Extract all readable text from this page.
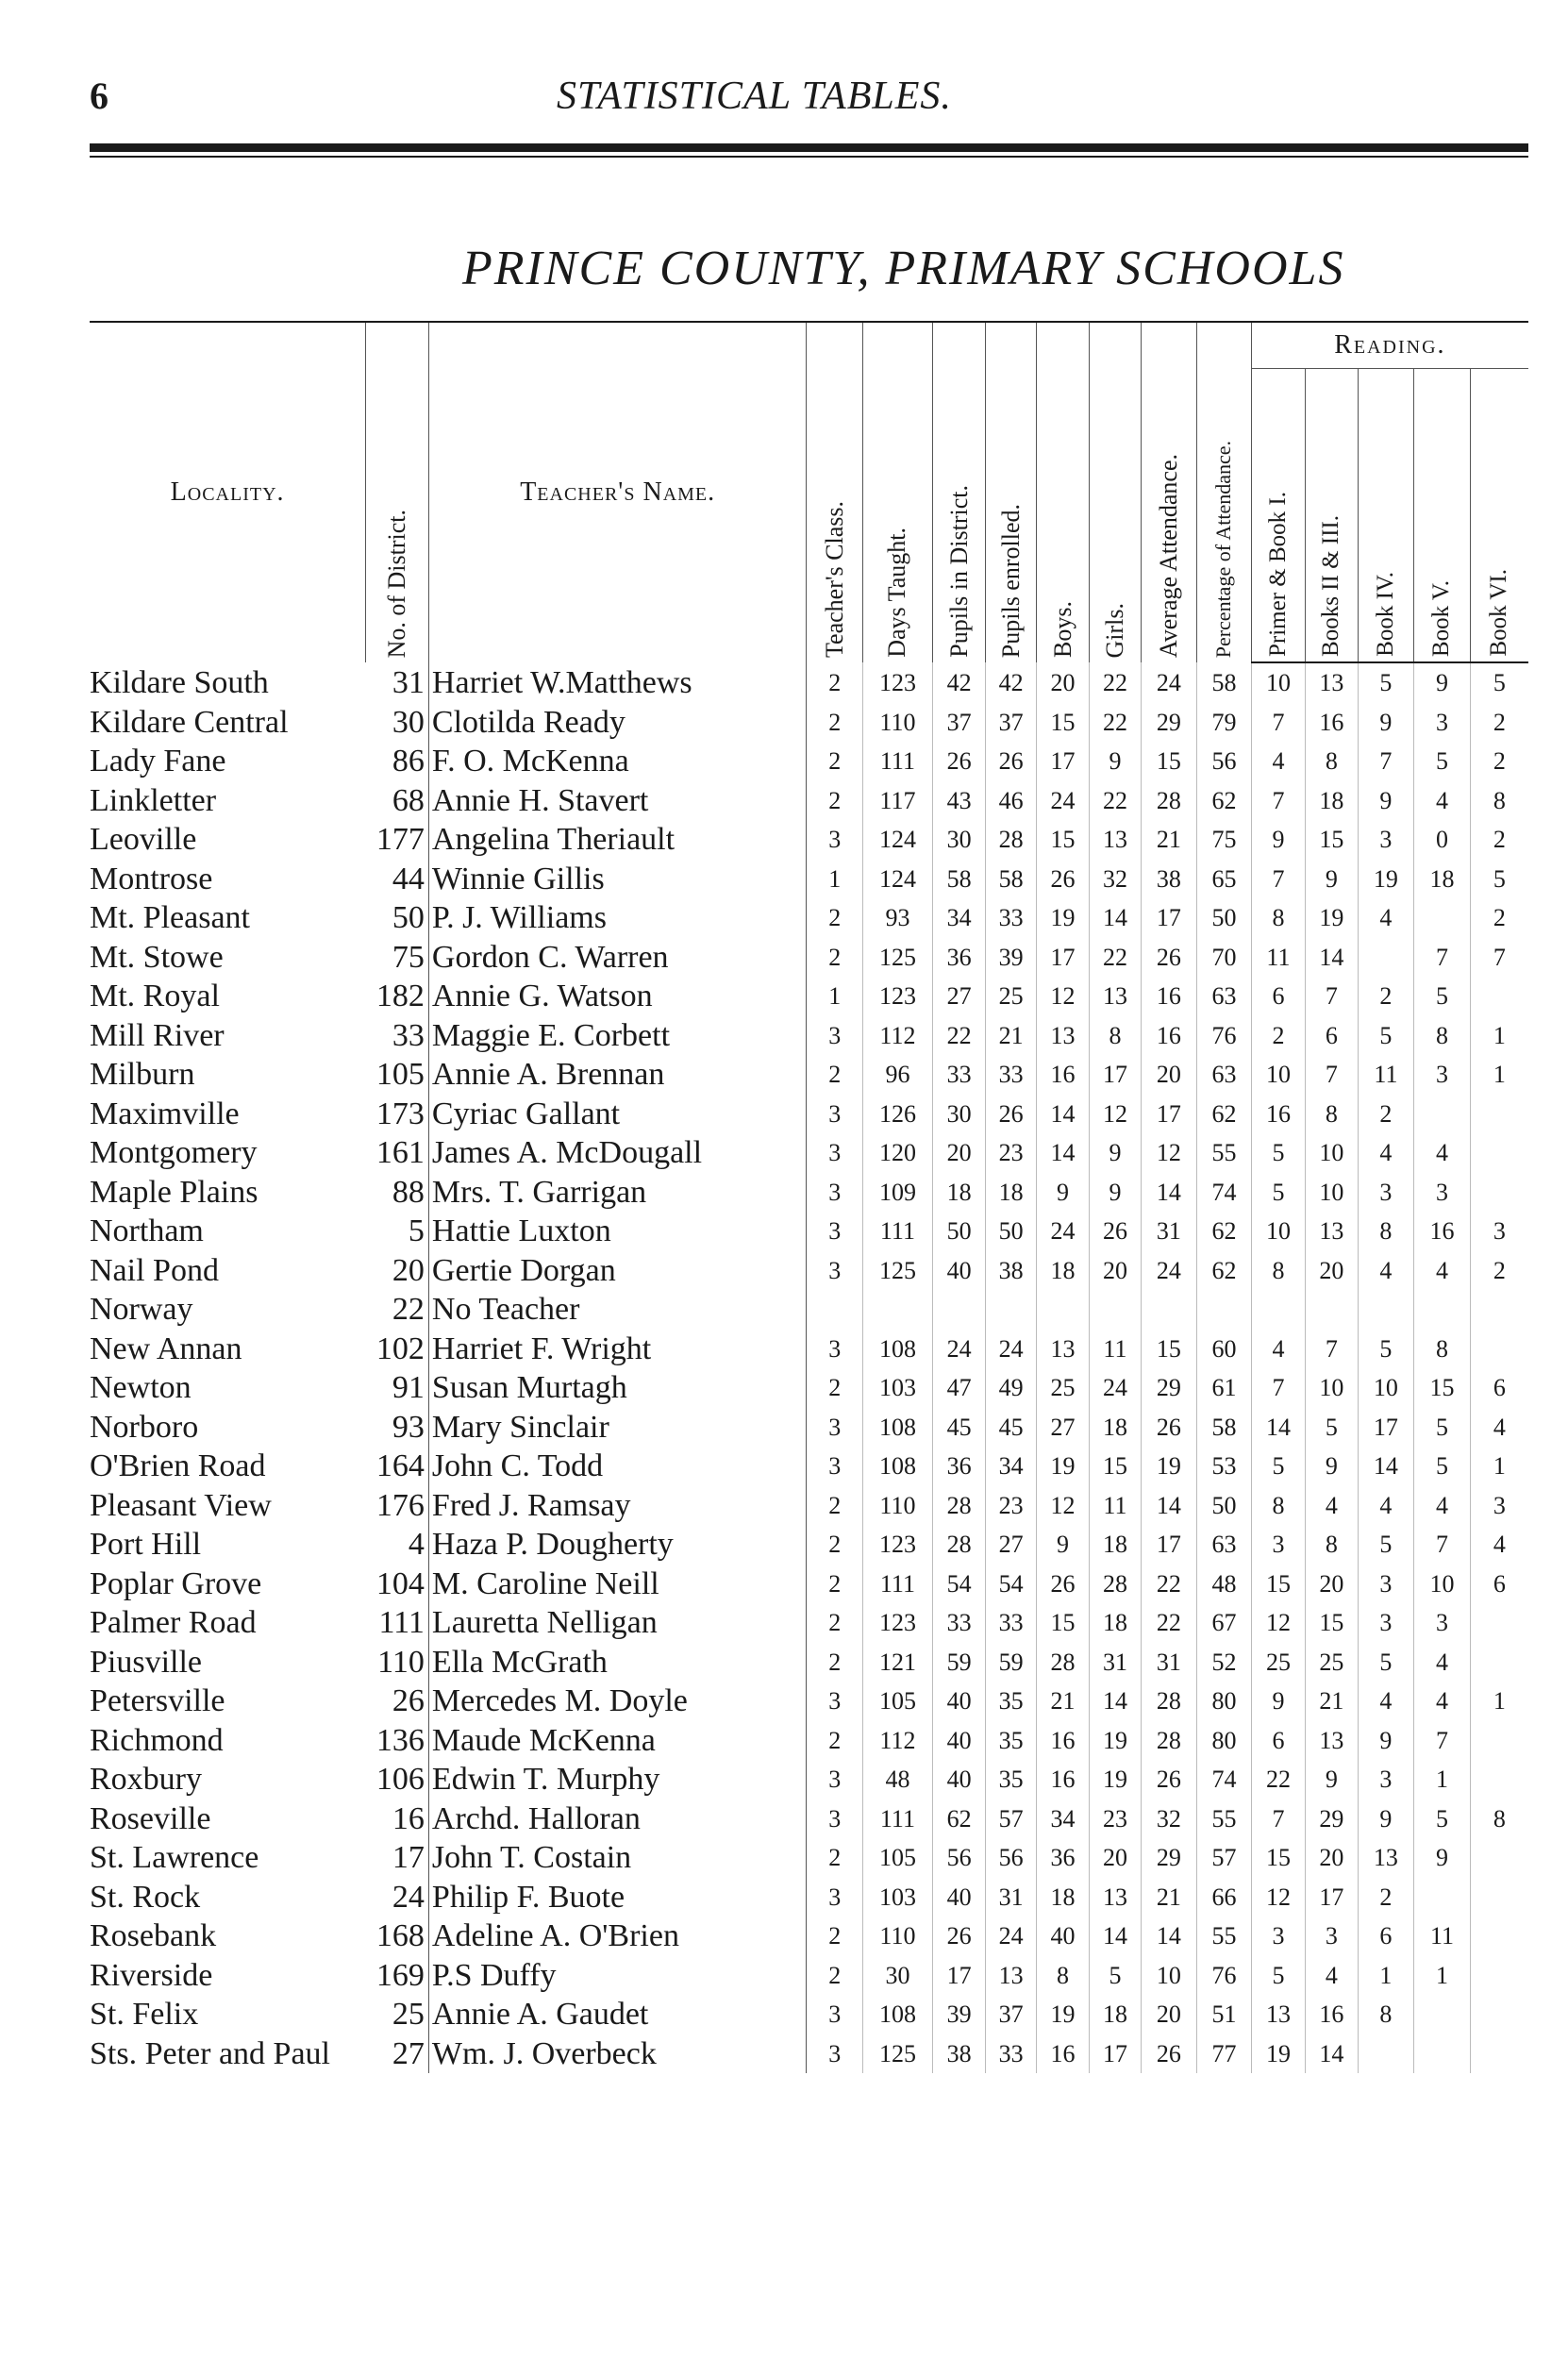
6	STATISTICAL TABLES.
PRINCE COUNTY, PRIMARY SCHOOLS
Locality.	No. of District.	Teacher's Name.	Teacher's Class.	Days Taught.	Pupils in District.	Pupils enrolled.	Boys.	Girls.	Average Attendance.	Percentage of Attendance.	Reading.				
											Primer & Book I.	Books II & III.	Book IV.	Book V.	Book VI.
Kildare South	31	Harriet W.Matthews	2	123	42	42	20	22	24	58	10	13	5	9	5
Kildare Central	30	Clotilda Ready	2	110	37	37	15	22	29	79	7	16	9	3	2
Lady Fane	86	F. O. McKenna	2	111	26	26	17	9	15	56	4	8	7	5	2
Linkletter	68	Annie H. Stavert	2	117	43	46	24	22	28	62	7	18	9	4	8
Leoville	177	Angelina Theriault	3	124	30	28	15	13	21	75	9	15	3	0	2
Montrose	44	Winnie Gillis	1	124	58	58	26	32	38	65	7	9	19	18	5
Mt. Pleasant	50	P. J. Williams	2	93	34	33	19	14	17	50	8	19	4		2
Mt. Stowe	75	Gordon C. Warren	2	125	36	39	17	22	26	70	11	14		7	7
Mt. Royal	182	Annie G. Watson	1	123	27	25	12	13	16	63	6	7	2	5	
Mill River	33	Maggie E. Corbett	3	112	22	21	13	8	16	76	2	6	5	8	1
Milburn	105	Annie A. Brennan	2	96	33	33	16	17	20	63	10	7	11	3	1
Maximville	173	Cyriac Gallant	3	126	30	26	14	12	17	62	16	8	2		
Montgomery	161	James A. McDougall	3	120	20	23	14	9	12	55	5	10	4	4	
Maple Plains	88	Mrs. T. Garrigan	3	109	18	18	9	9	14	74	5	10	3	3	
Northam	5	Hattie Luxton	3	111	50	50	24	26	31	62	10	13	8	16	3
Nail Pond	20	Gertie Dorgan	3	125	40	38	18	20	24	62	8	20	4	4	2
Norway	22	No Teacher													
New Annan	102	Harriet F. Wright	3	108	24	24	13	11	15	60	4	7	5	8	
Newton	91	Susan Murtagh	2	103	47	49	25	24	29	61	7	10	10	15	6
Norboro	93	Mary Sinclair	3	108	45	45	27	18	26	58	14	5	17	5	4
O'Brien Road	164	John C. Todd	3	108	36	34	19	15	19	53	5	9	14	5	1
Pleasant View	176	Fred J. Ramsay	2	110	28	23	12	11	14	50	8	4	4	4	3
Port Hill	4	Haza P. Dougherty	2	123	28	27	9	18	17	63	3	8	5	7	4
Poplar Grove	104	M. Caroline Neill	2	111	54	54	26	28	22	48	15	20	3	10	6
Palmer Road	111	Lauretta Nelligan	2	123	33	33	15	18	22	67	12	15	3	3	
Piusville	110	Ella McGrath	2	121	59	59	28	31	31	52	25	25	5	4	
Petersville	26	Mercedes M. Doyle	3	105	40	35	21	14	28	80	9	21	4	4	1
Richmond	136	Maude McKenna	2	112	40	35	16	19	28	80	6	13	9	7	
Roxbury	106	Edwin T. Murphy	3	48	40	35	16	19	26	74	22	9	3	1	
Roseville	16	Archd. Halloran	3	111	62	57	34	23	32	55	7	29	9	5	8
St. Lawrence	17	John T. Costain	2	105	56	56	36	20	29	57	15	20	13	9	
St. Rock	24	Philip F. Buote	3	103	40	31	18	13	21	66	12	17	2		
Rosebank	168	Adeline A. O'Brien	2	110	26	24	40	14	14	55	3	3	6	11	
Riverside	169	P.S Duffy	2	30	17	13	8	5	10	76	5	4	1	1	
St. Felix	25	Annie A. Gaudet	3	108	39	37	19	18	20	51	13	16	8		
Sts. Peter and Paul	27	Wm. J. Overbeck	3	125	38	33	16	17	26	77	19	14			
